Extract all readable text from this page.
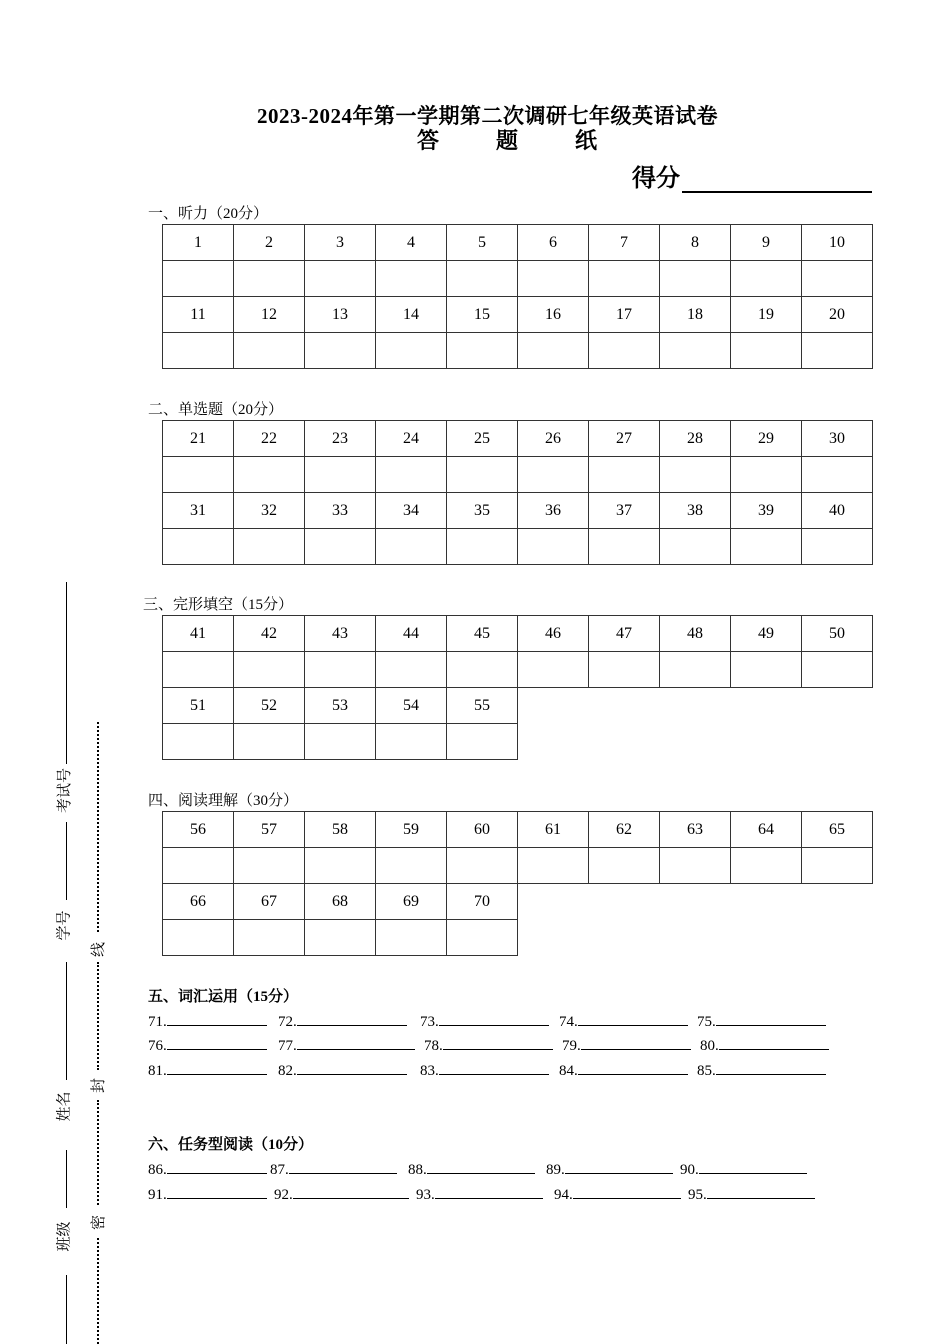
2023-2024年第一学期第二次调研七年级英语试卷
答	题	纸
得分
一、听力（20分）
1	2	3	4	5	6	7	8	9	10

11	12	13	14	15	16	17	18	19	20

二、单选题（20分）
21	22	23	24	25	26	27	28	29	30

31	32	33	34	35	36	37	38	39	40

三、完形填空（15分）
41	42	43	44	45	46	47	48	49	50

51	52	53	54	55					

四、阅读理解（30分）
56	57	58	59	60	61	62	63	64	65

66	67	68	69	70					

五、词汇运用（15分）
71.	72.	73.	74.	75.
76.	77.	78.	79.	80.
81.	82.	83.	84.	85.
六、任务型阅读（10分）
86.	87.	88.	89.	90.
91.	92.	93.	94.	95.
考试号
学号
姓名
班级
线
封
密
